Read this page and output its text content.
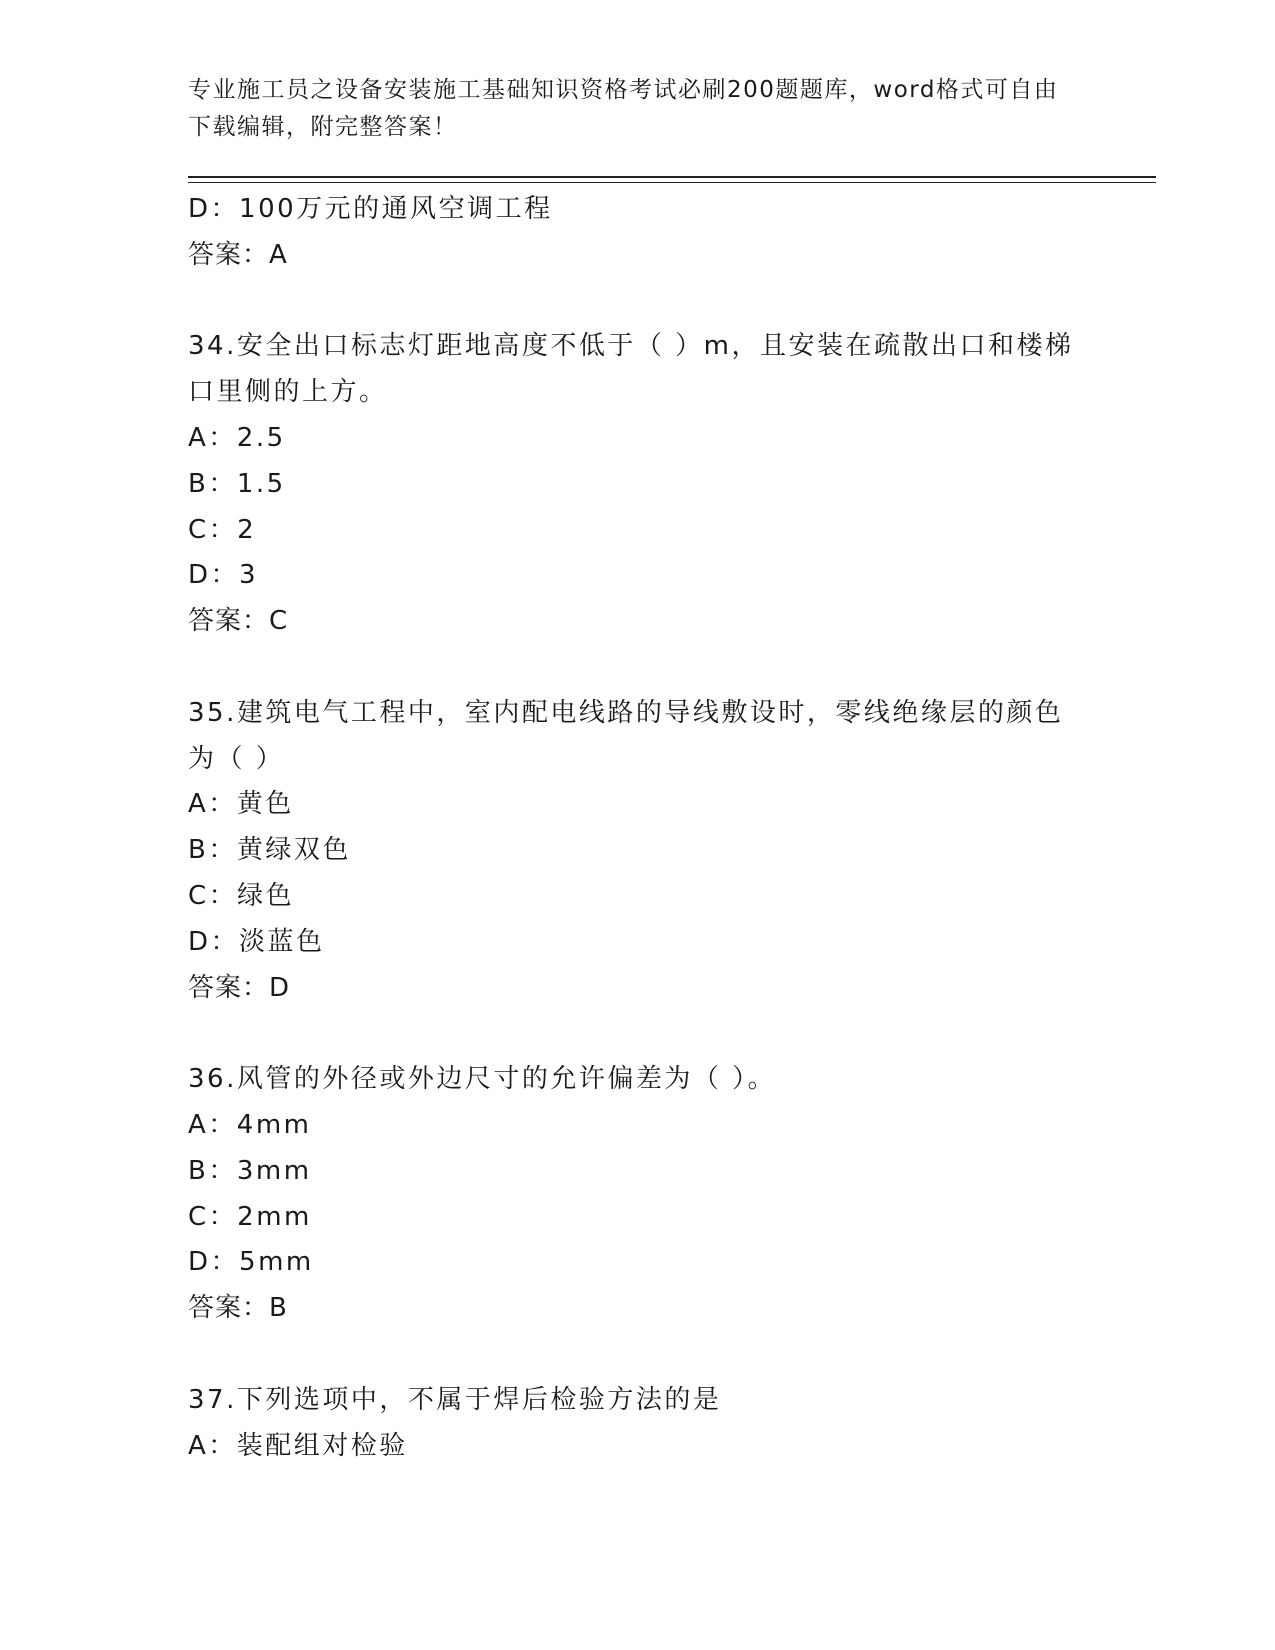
专业施工员之设备安装施工基础知识资格考试必刷200题题库，word格式可自由
下载编辑，附完整答案！
D：100万元的通风空调工程
答案：A
34.安全出口标志灯距地高度不低于（ ）m，且安装在疏散出口和楼梯
口里侧的上方。
A：2.5
B：1.5
C：2
D：3
答案：C
35.建筑电气工程中，室内配电线路的导线敷设时，零线绝缘层的颜色
为（ ）
A：黄色
B：黄绿双色
C：绿色
D：淡蓝色
答案：D
36.风管的外径或外边尺寸的允许偏差为（ ）。
A：4mm
B：3mm
C：2mm
D：5mm
答案：B
37.下列选项中，不属于焊后检验方法的是
A：装配组对检验
